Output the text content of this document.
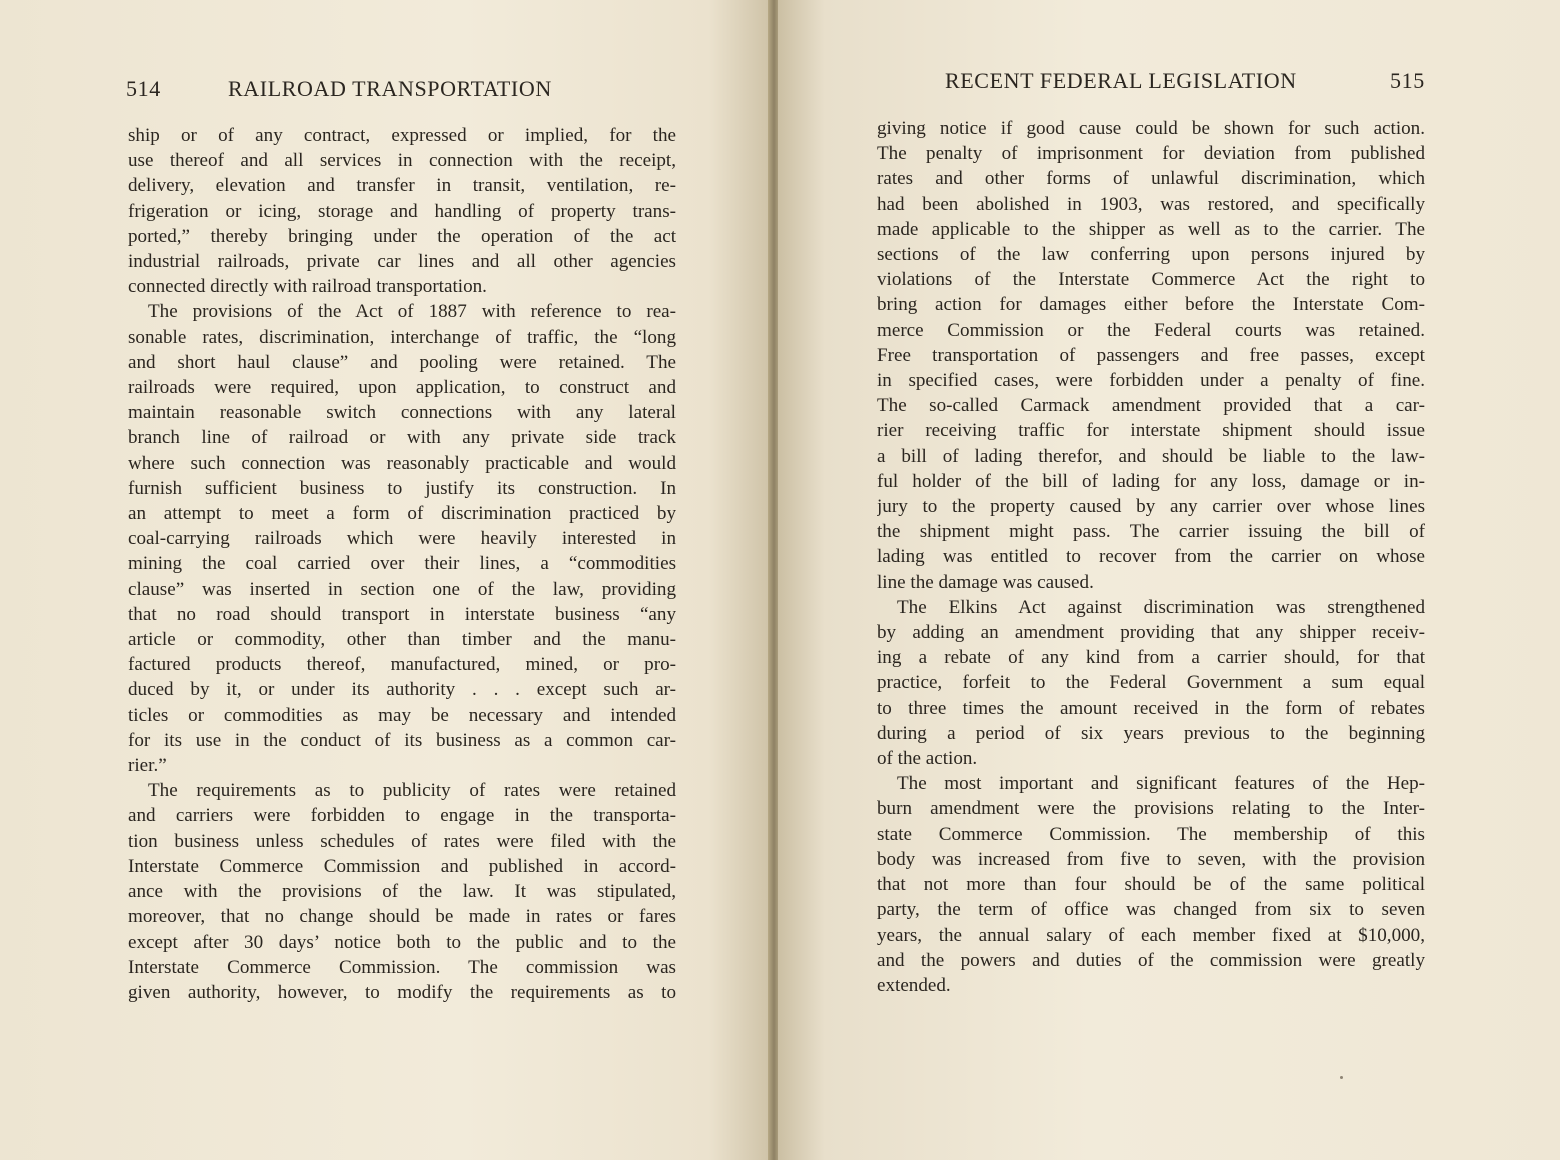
514	RAILROAD TRANSPORTATION
ship or of any contract, expressed or implied, for the
use thereof and all services in connection with the receipt,
delivery, elevation and transfer in transit, ventilation, re-
frigeration or icing, storage and handling of property trans-
ported,” thereby bringing under the operation of the act
industrial railroads, private car lines and all other agencies
connected directly with railroad transportation.
The provisions of the Act of 1887 with reference to rea-
sonable rates, discrimination, interchange of traffic, the “long
and short haul clause” and pooling were retained. The
railroads were required, upon application, to construct and
maintain reasonable switch connections with any lateral
branch line of railroad or with any private side track
where such connection was reasonably practicable and would
furnish sufficient business to justify its construction. In
an attempt to meet a form of discrimination practiced by
coal-carrying railroads which were heavily interested in
mining the coal carried over their lines, a “commodities
clause” was inserted in section one of the law, providing
that no road should transport in interstate business “any
article or commodity, other than timber and the manu-
factured products thereof, manufactured, mined, or pro-
duced by it, or under its authority . . . except such ar-
ticles or commodities as may be necessary and intended
for its use in the conduct of its business as a common car-
rier.”
The requirements as to publicity of rates were retained
and carriers were forbidden to engage in the transporta-
tion business unless schedules of rates were filed with the
Interstate Commerce Commission and published in accord-
ance with the provisions of the law. It was stipulated,
moreover, that no change should be made in rates or fares
except after 30 days’ notice both to the public and to the
Interstate Commerce Commission. The commission was
given authority, however, to modify the requirements as to
RECENT FEDERAL LEGISLATION	515
giving notice if good cause could be shown for such action.
The penalty of imprisonment for deviation from published
rates and other forms of unlawful discrimination, which
had been abolished in 1903, was restored, and specifically
made applicable to the shipper as well as to the carrier. The
sections of the law conferring upon persons injured by
violations of the Interstate Commerce Act the right to
bring action for damages either before the Interstate Com-
merce Commission or the Federal courts was retained.
Free transportation of passengers and free passes, except
in specified cases, were forbidden under a penalty of fine.
The so-called Carmack amendment provided that a car-
rier receiving traffic for interstate shipment should issue
a bill of lading therefor, and should be liable to the law-
ful holder of the bill of lading for any loss, damage or in-
jury to the property caused by any carrier over whose lines
the shipment might pass. The carrier issuing the bill of
lading was entitled to recover from the carrier on whose
line the damage was caused.
The Elkins Act against discrimination was strengthened
by adding an amendment providing that any shipper receiv-
ing a rebate of any kind from a carrier should, for that
practice, forfeit to the Federal Government a sum equal
to three times the amount received in the form of rebates
during a period of six years previous to the beginning
of the action.
The most important and significant features of the Hep-
burn amendment were the provisions relating to the Inter-
state Commerce Commission. The membership of this
body was increased from five to seven, with the provision
that not more than four should be of the same political
party, the term of office was changed from six to seven
years, the annual salary of each member fixed at $10,000,
and the powers and duties of the commission were greatly
extended.
